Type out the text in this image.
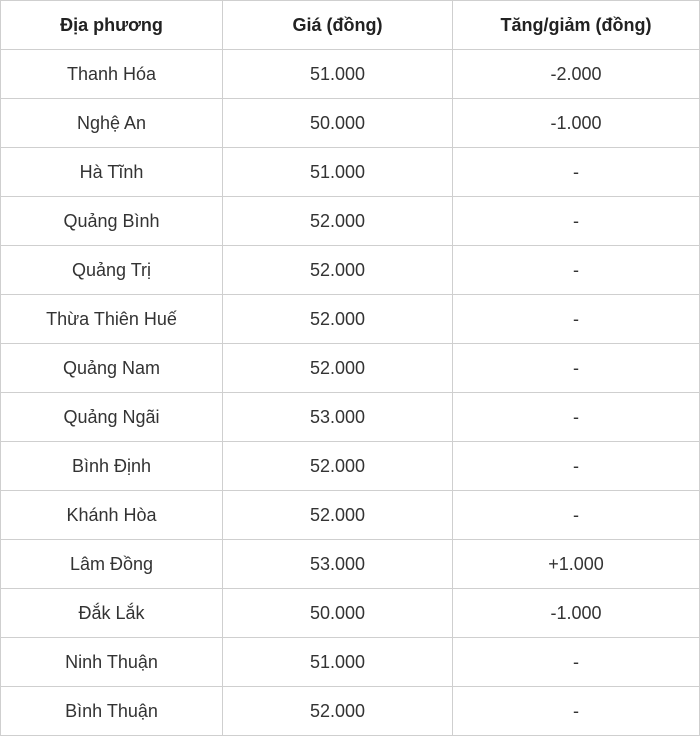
Địa phương	Giá (đồng)	Tăng/giảm (đồng)
Thanh Hóa	51.000	-2.000
Nghệ An	50.000	-1.000
Hà Tĩnh	51.000	-
Quảng Bình	52.000	-
Quảng Trị	52.000	-
Thừa Thiên Huế	52.000	-
Quảng Nam	52.000	-
Quảng Ngãi	53.000	-
Bình Định	52.000	-
Khánh Hòa	52.000	-
Lâm Đồng	53.000	+1.000
Đắk Lắk	50.000	-1.000
Ninh Thuận	51.000	-
Bình Thuận	52.000	-
